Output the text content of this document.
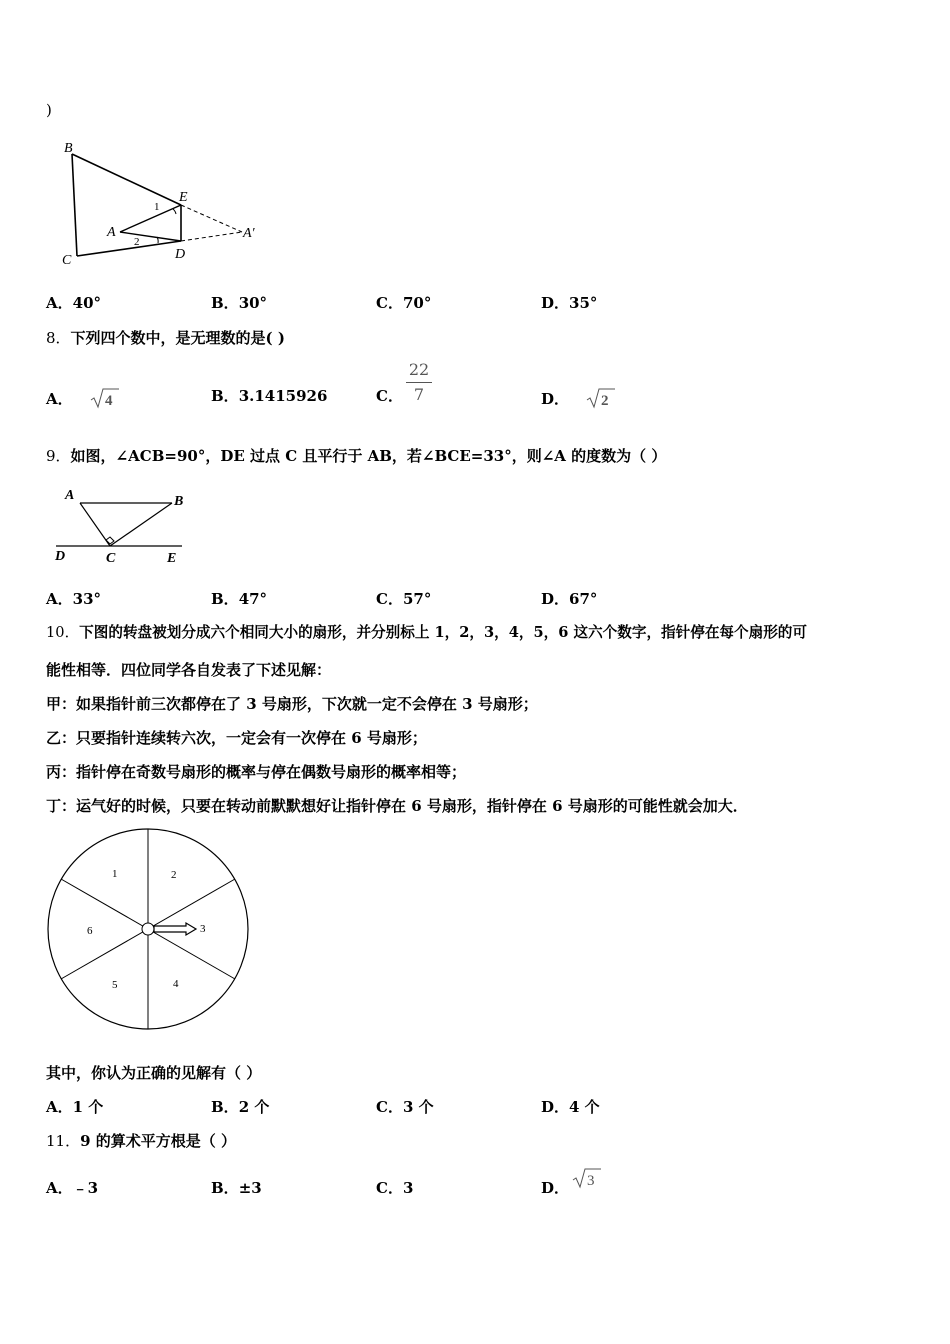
)
B
E
1
A	A′
2
C	D
A．40°	B．30°	C．70°	D．35°
8．下列四个数中，是无理数的是( )
A． 4	B．3.1415926	C．
22
7	D． 2
9．如图，∠ACB=90°，DE 过点 C 且平行于 AB，若∠BCE=33°，则∠A 的度数为（ ）
A	B
D	C	E
A．33°	B．47°	C．57°	D．67°
10．下图的转盘被划分成六个相同大小的扇形，并分别标上 1，2，3，4，5，6 这六个数字，指针停在每个扇形的可
能性相等．四位同学各自发表了下述见解：
甲：如果指针前三次都停在了 3 号扇形，下次就一定不会停在 3 号扇形；
乙：只要指针连续转六次，一定会有一次停在 6 号扇形；
丙：指针停在奇数号扇形的概率与停在偶数号扇形的概率相等；
丁：运气好的时候，只要在转动前默默想好让指针停在 6 号扇形，指针停在 6 号扇形的可能性就会加大．
1	2
3
4
5
6
其中，你认为正确的见解有（ ）
A．1 个	B．2 个	C．3 个	D．4 个
11．9 的算术平方根是（ ）
A．﹣3	B．±3	C．3	D． 3
